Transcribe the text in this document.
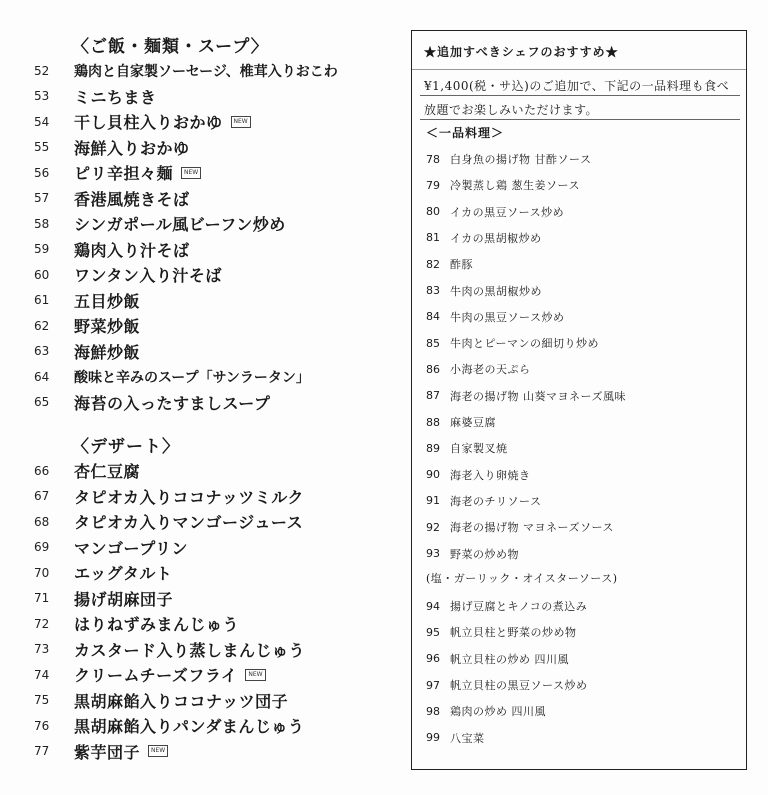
〈ご飯・麺類・スープ〉
52	鶏肉と自家製ソーセージ、椎茸入りおこわ
53	ミニちまき
54	干し貝柱入りおかゆ	NEW
55	海鮮入りおかゆ
56	ピリ辛担々麺	NEW
57	香港風焼きそば
58	シンガポール風ビーフン炒め
59	鶏肉入り汁そば
60	ワンタン入り汁そば
61	五目炒飯
62	野菜炒飯
63	海鮮炒飯
64	酸味と辛みのスープ「サンラータン」
65	海苔の入ったすましスープ
〈デザート〉
66	杏仁豆腐
67	タピオカ入りココナッツミルク
68	タピオカ入りマンゴージュース
69	マンゴープリン
70	エッグタルト
71	揚げ胡麻団子
72	はりねずみまんじゅう
73	カスタード入り蒸しまんじゅう
74	クリームチーズフライ	NEW
75	黒胡麻餡入りココナッツ団子
76	黒胡麻餡入りパンダまんじゅう
77	紫芋団子	NEW
★追加すべきシェフのおすすめ★
¥1,400(税・サ込)のご追加で、下記の一品料理も食べ
放題でお楽しみいただけます。
＜一品料理＞
78 白身魚の揚げ物 甘酢ソース
79 冷製蒸し鶏 葱生姜ソース
80 イカの黒豆ソース炒め
81 イカの黒胡椒炒め
82 酢豚
83 牛肉の黒胡椒炒め
84 牛肉の黒豆ソース炒め
85 牛肉とピーマンの細切り炒め
86 小海老の天ぷら
87 海老の揚げ物 山葵マヨネーズ風味
88 麻婆豆腐
89 自家製叉焼
90 海老入り卵焼き
91 海老のチリソース
92 海老の揚げ物 マヨネーズソース
93 野菜の炒め物
(塩・ガーリック・オイスターソース)
94 揚げ豆腐とキノコの煮込み
95 帆立貝柱と野菜の炒め物
96 帆立貝柱の炒め 四川風
97 帆立貝柱の黒豆ソース炒め
98 鶏肉の炒め 四川風
99 八宝菜
